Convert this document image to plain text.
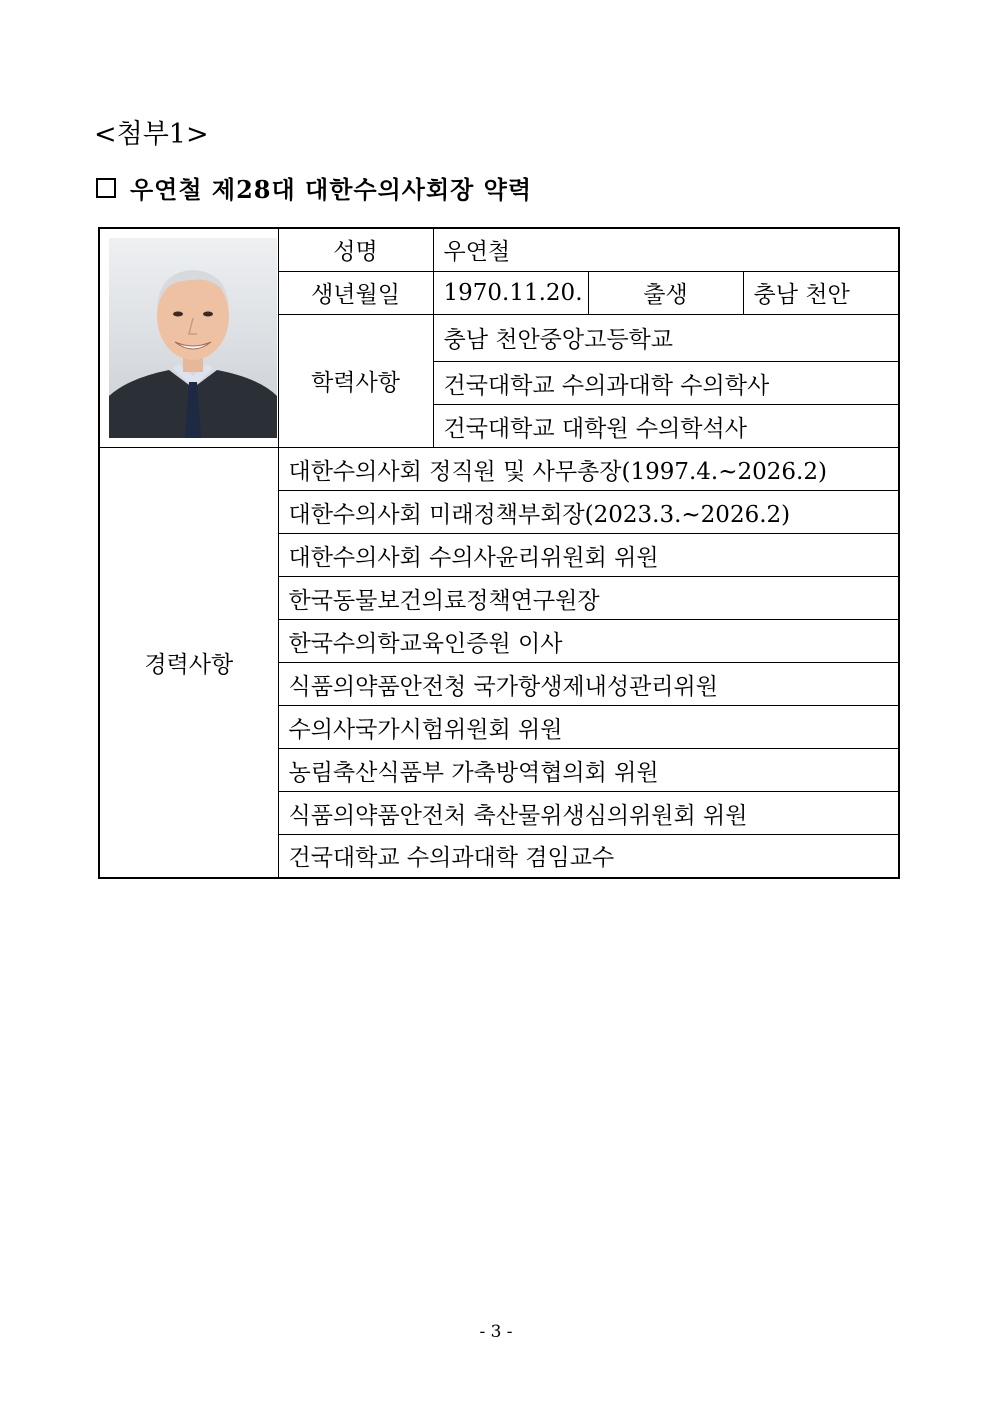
<첨부1>
우연철 제28대 대한수의사회장 약력
	성명	우연철		
	생년월일	1970.11.20.	출생	충남 천안
	학력사항	충남 천안중앙고등학교		
		건국대학교 수의과대학 수의학사		
		건국대학교 대학원 수의학석사		
경력사항	대한수의사회 정직원 및 사무총장(1997.4.~2026.2)			
	대한수의사회 미래정책부회장(2023.3.~2026.2)			
	대한수의사회 수의사윤리위원회 위원			
	한국동물보건의료정책연구원장			
	한국수의학교육인증원 이사			
	식품의약품안전청 국가항생제내성관리위원			
	수의사국가시험위원회 위원			
	농림축산식품부 가축방역협의회 위원			
	식품의약품안전처 축산물위생심의위원회 위원			
	건국대학교 수의과대학 겸임교수			
- 3 -
